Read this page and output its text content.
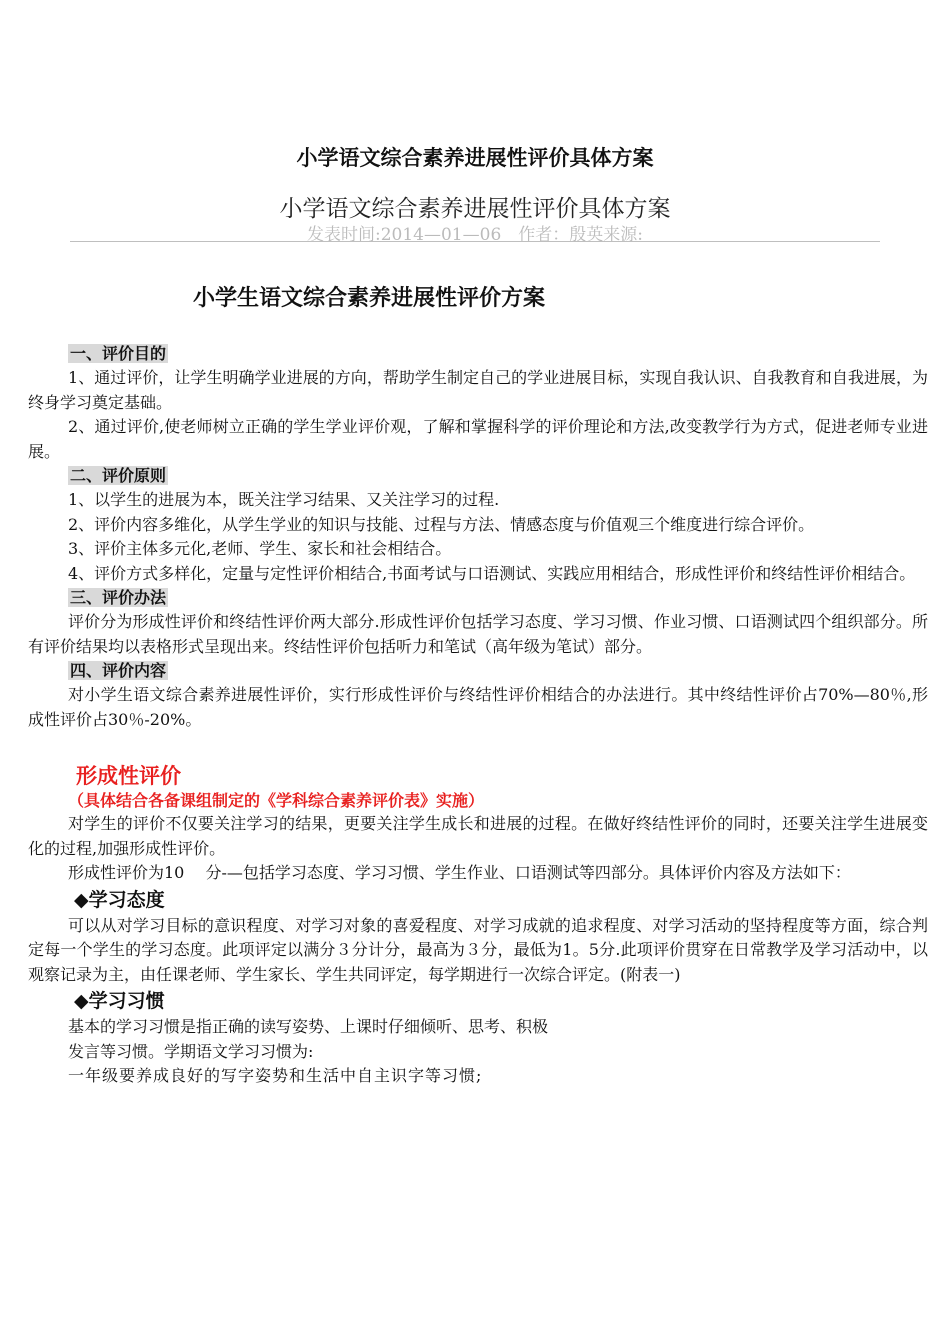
小学语文综合素养进展性评价具体方案
小学语文综合素养进展性评价具体方案
发表时间:2014—01—06　作者：殷英来源:
小学生语文综合素养进展性评价方案
一、评价目的

1、通过评价，让学生明确学业进展的方向，帮助学生制定自己的学业进展目标，实现自我认识、自我教育和自我进展，为终身学习奠定基础。

2、通过评价,使老师树立正确的学生学业评价观，了解和掌握科学的评价理论和方法,改变教学行为方式，促进老师专业进展。

二、评价原则

1、以学生的进展为本，既关注学习结果、又关注学习的过程.

2、评价内容多维化，从学生学业的知识与技能、过程与方法、情感态度与价值观三个维度进行综合评价。

3、评价主体多元化,老师、学生、家长和社会相结合。

4、评价方式多样化，定量与定性评价相结合,书面考试与口语测试、实践应用相结合，形成性评价和终结性评价相结合。

三、评价办法

评价分为形成性评价和终结性评价两大部分.形成性评价包括学习态度、学习习惯、作业习惯、口语测试四个组织部分。所有评价结果均以表格形式呈现出来。终结性评价包括听力和笔试（高年级为笔试）部分。

四、评价内容

对小学生语文综合素养进展性评价，实行形成性评价与终结性评价相结合的办法进行。其中终结性评价占70%—80％,形成性评价占30％-20%。

形成性评价
（具体结合各备课组制定的《学科综合素养评价表》实施）

对学生的评价不仅要关注学习的结果，更要关注学生成长和进展的过程。在做好终结性评价的同时，还要关注学生进展变化的过程,加强形成性评价。

形成性评价为10　 分-—包括学习态度、学习习惯、学生作业、口语测试等四部分。具体评价内容及方法如下：

◆学习态度

可以从对学习目标的意识程度、对学习对象的喜爱程度、对学习成就的追求程度、对学习活动的坚持程度等方面，综合判定每一个学生的学习态度。此项评定以满分３分计分，最高为３分，最低为1。5分.此项评价贯穿在日常教学及学习活动中，以观察记录为主，由任课老师、学生家长、学生共同评定，每学期进行一次综合评定。(附表一)

◆学习习惯

基本的学习习惯是指正确的读写姿势、上课时仔细倾听、思考、积极

发言等习惯。学期语文学习习惯为:

一年级要养成良好的写字姿势和生活中自主识字等习惯;
